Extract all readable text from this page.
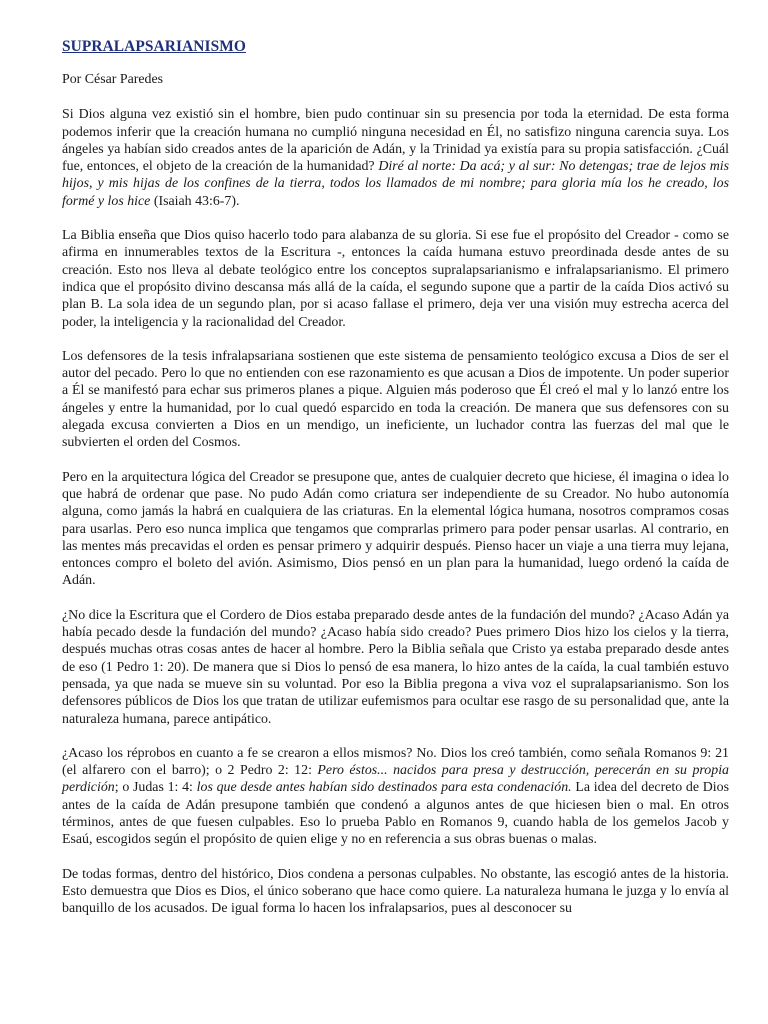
SUPRALAPSARIANISMO
Por César Paredes

Si Dios alguna vez existió sin el hombre, bien pudo continuar sin su presencia por toda la eternidad. De esta forma podemos inferir que la creación humana no cumplió ninguna necesidad en Él, no satisfizo ninguna carencia suya. Los ángeles ya habían sido creados antes de la aparición de Adán, y la Trinidad ya existía para su propia satisfacción. ¿Cuál fue, entonces, el objeto de la creación de la humanidad? Diré al norte: Da acá; y al sur: No detengas; trae de lejos mis hijos, y mis hijas de los confines de la tierra, todos los llamados de mi nombre; para gloria mía los he creado, los formé y los hice (Isaiah 43:6-7).

La Biblia enseña que Dios quiso hacerlo todo para alabanza de su gloria. Si ese fue el propósito del Creador - como se afirma en innumerables textos de la Escritura -, entonces la caída humana estuvo preordinada desde antes de su creación. Esto nos lleva al debate teológico entre los conceptos supralapsarianismo e infralapsarianismo. El primero indica que el propósito divino descansa más allá de la caída, el segundo supone que a partir de la caída Dios activó su plan B. La sola idea de un segundo plan, por si acaso fallase el primero, deja ver una visión muy estrecha acerca del poder, la inteligencia y la racionalidad del Creador.

Los defensores de la tesis infralapsariana sostienen que este sistema de pensamiento teológico excusa a Dios de ser el autor del pecado. Pero lo que no entienden con ese razonamiento es que acusan a Dios de impotente. Un poder superior a Él se manifestó para echar sus primeros planes a pique. Alguien más poderoso que Él creó el mal y lo lanzó entre los ángeles y entre la humanidad, por lo cual quedó esparcido en toda la creación. De manera que sus defensores con su alegada excusa convierten a Dios en un mendigo, un ineficiente, un luchador contra las fuerzas del mal que le subvierten el orden del Cosmos.

Pero en la arquitectura lógica del Creador se presupone que, antes de cualquier decreto que hiciese, él imagina o idea lo que habrá de ordenar que pase. No pudo Adán como criatura ser independiente de su Creador. No hubo autonomía alguna, como jamás la habrá en cualquiera de las criaturas. En la elemental lógica humana, nosotros compramos cosas para usarlas. Pero eso nunca implica que tengamos que comprarlas primero para poder pensar usarlas. Al contrario, en las mentes más precavidas el orden es pensar primero y adquirir después. Pienso hacer un viaje a una tierra muy lejana, entonces compro el boleto del avión. Asimismo, Dios pensó en un plan para la humanidad, luego ordenó la caída de Adán.

¿No dice la Escritura que el Cordero de Dios estaba preparado desde antes de la fundación del mundo? ¿Acaso Adán ya había pecado desde la fundación del mundo? ¿Acaso había sido creado? Pues primero Dios hizo los cielos y la tierra, después muchas otras cosas antes de hacer al hombre. Pero la Biblia señala que Cristo ya estaba preparado desde antes de eso (1 Pedro 1: 20). De manera que si Dios lo pensó de esa manera, lo hizo antes de la caída, la cual también estuvo pensada, ya que nada se mueve sin su voluntad. Por eso la Biblia pregona a viva voz el supralapsarianismo. Son los defensores públicos de Dios los que tratan de utilizar eufemismos para ocultar ese rasgo de su personalidad que, ante la naturaleza humana, parece antipático.

¿Acaso los réprobos en cuanto a fe se crearon a ellos mismos? No. Dios los creó también, como señala Romanos 9: 21 (el alfarero con el barro); o 2 Pedro 2: 12: Pero éstos... nacidos para presa y destrucción, perecerán en su propia perdición; o Judas 1: 4: los que desde antes habían sido destinados para esta condenación. La idea del decreto de Dios antes de la caída de Adán presupone también que condenó a algunos antes de que hiciesen bien o mal. En otros términos, antes de que fuesen culpables. Eso lo prueba Pablo en Romanos 9, cuando habla de los gemelos Jacob y Esaú, escogidos según el propósito de quien elige y no en referencia a sus obras buenas o malas.

De todas formas, dentro del histórico, Dios condena a personas culpables. No obstante, las escogió antes de la historia. Esto demuestra que Dios es Dios, el único soberano que hace como quiere. La naturaleza humana le juzga y lo envía al banquillo de los acusados. De igual forma lo hacen los infralapsarios, pues al desconocer su
